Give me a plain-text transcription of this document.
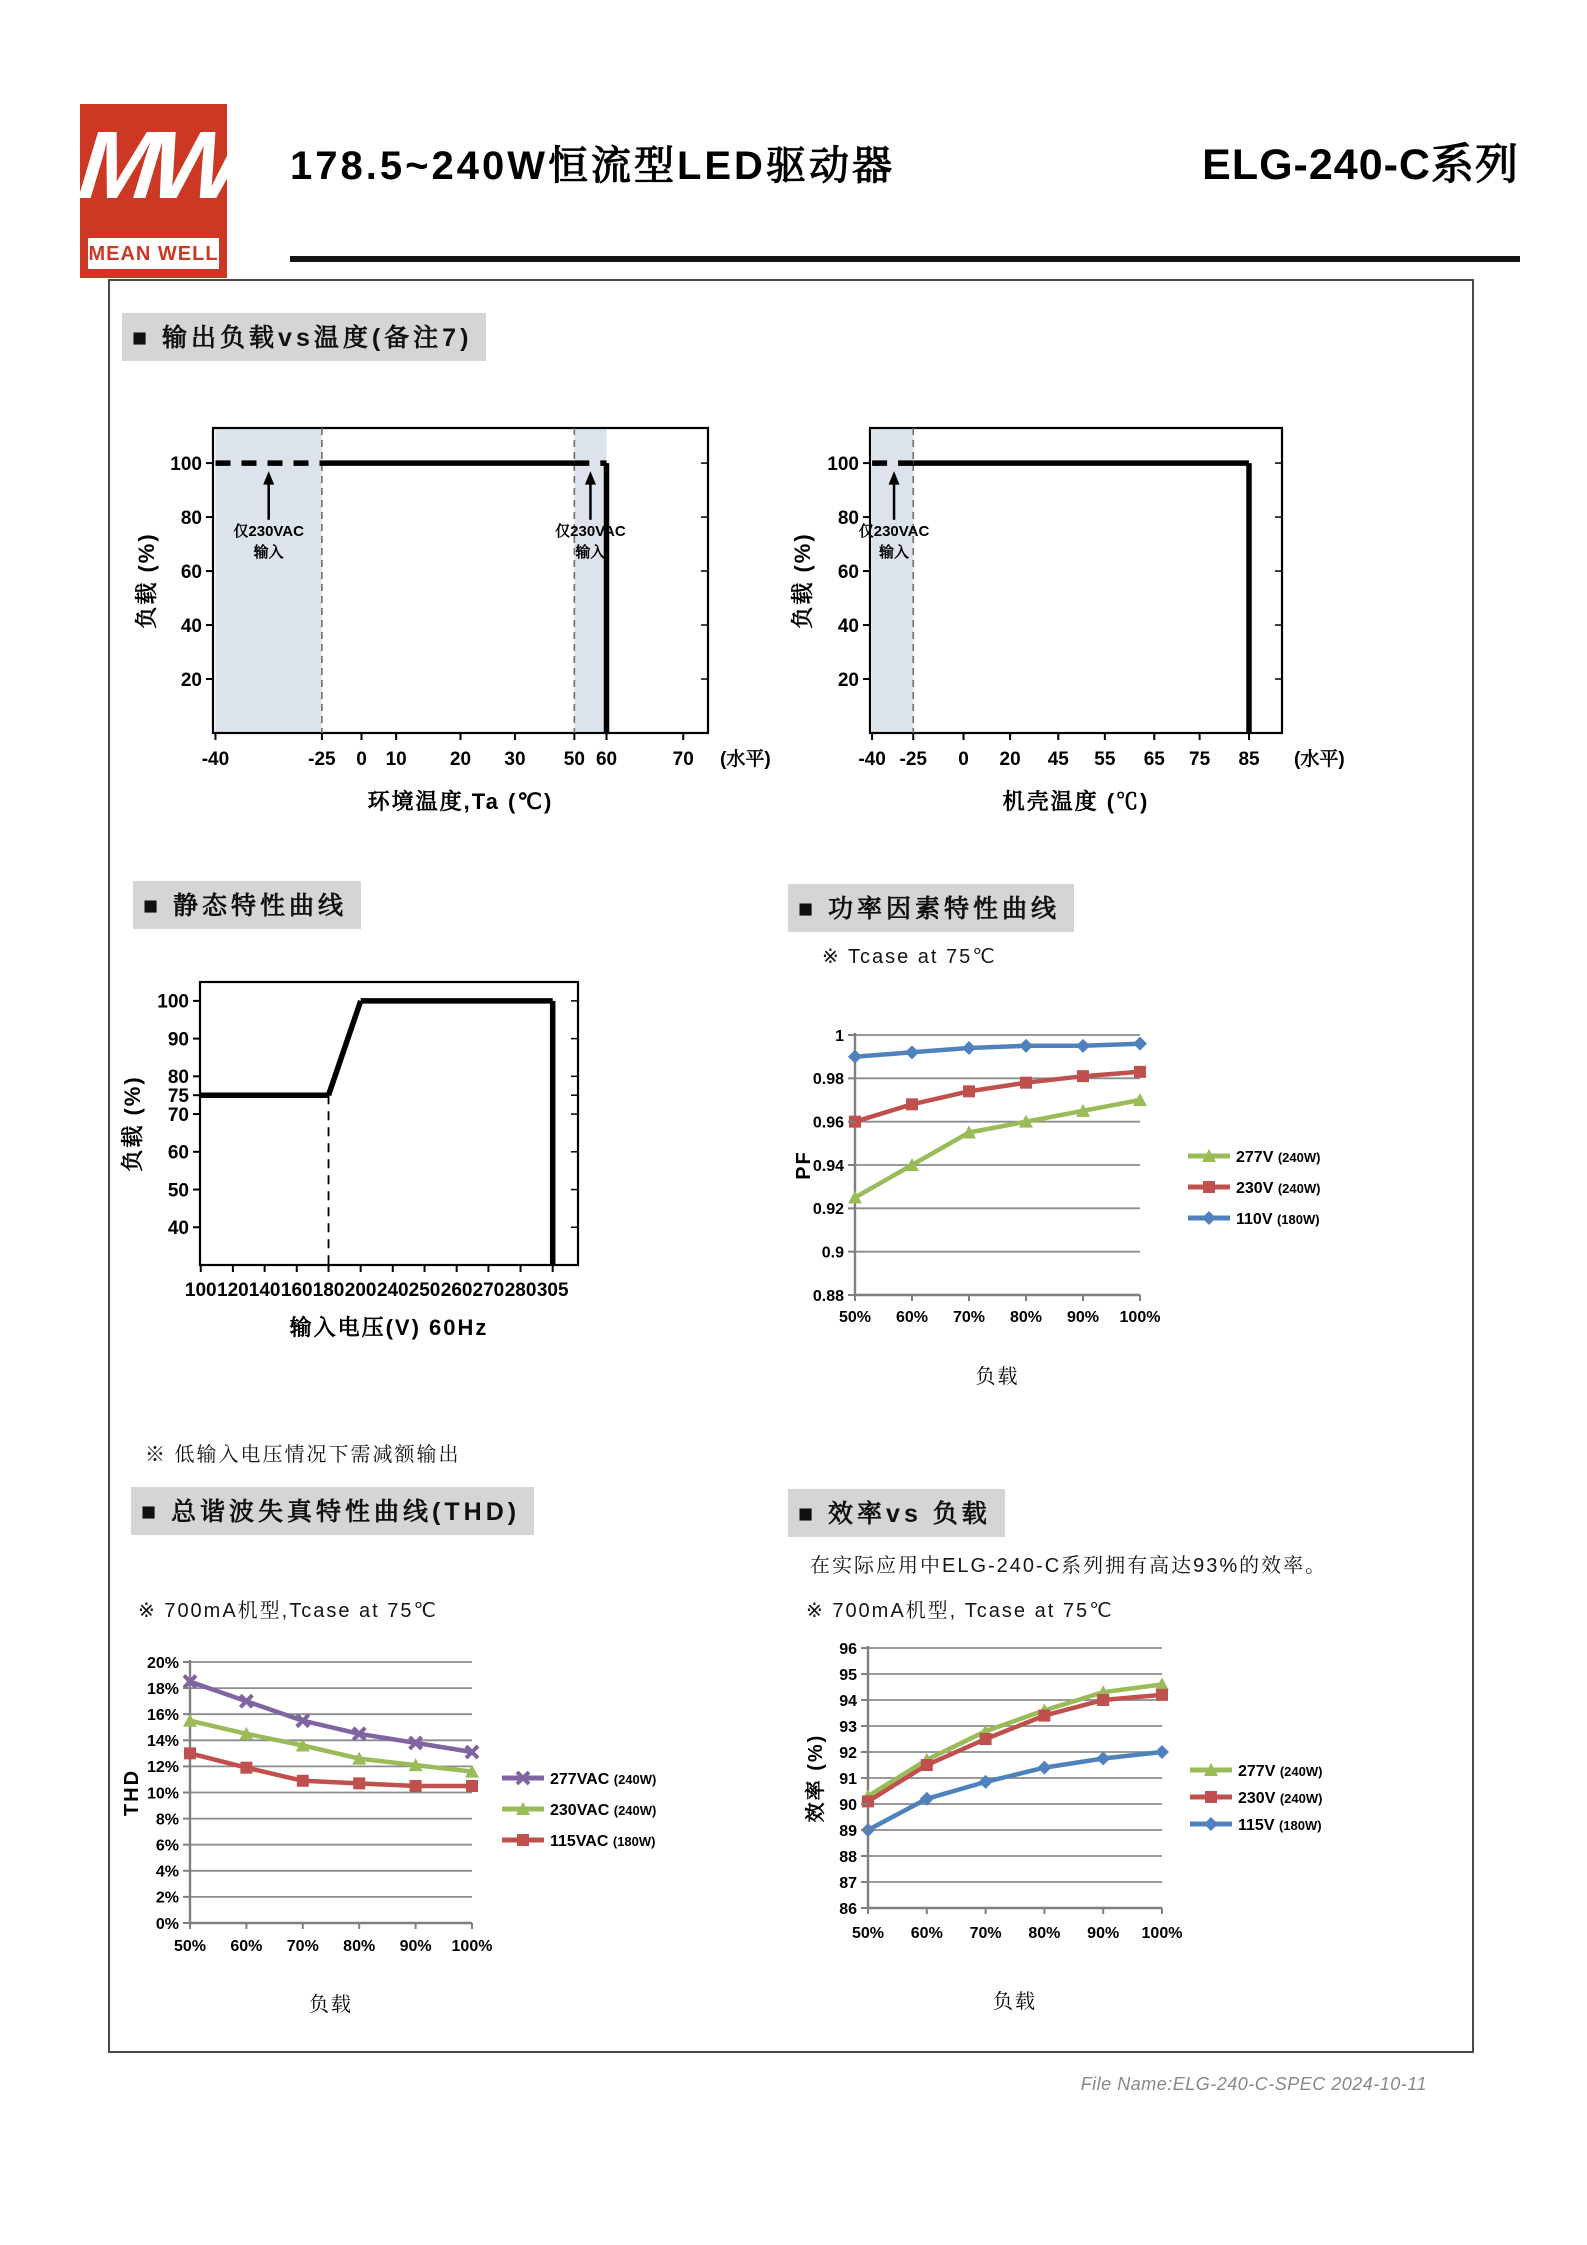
MW
MEAN WELL
178.5~240W恒流型LED驱动器	ELG-240-C系列
■ 输出负载vs温度(备注7)
■ 静态特性曲线	■ 功率因素特性曲线
■ 总谐波失真特性曲线(THD)	■ 效率vs 负载
※ Tcase at 75℃
※ 低输入电压情况下需减额输出
※ 700mA机型,Tcase at 75℃
在实际应用中ELG-240-C系列拥有高达93%的效率。
※ 700mA机型, Tcase at 75℃
20
40
60
80
100
-40	-25 0 10 20 30 50 60	70 (水平)
环境温度,Ta (℃)
负载 (%)
仅230VAC
输入
仅230VAC
输入
20
40
60
80
100
-40 -25 0 20 45 55 65 75 85 (水平)
机壳温度 (℃)
负载 (%)
仅230VAC
输入
40
50
60
70
75
80
90
100
100 120 140 160 180 200 240 250 260 270 280 305
输入电压(V) 60Hz
负载 (%)
0.88
0.9
0.92
0.94
0.96
0.98
1
50% 60% 70% 80% 90% 100%
负载
PF	277V (240W)
230V (240W)
110V (180W)
0%
2%
4%
6%
8%
10%
12%
14%
16%
18%
20%
50% 60% 70% 80% 90% 100%
负载
THD	277VAC (240W)
230VAC (240W)
115VAC (180W)
86
87
88
89
90
91
92
93
94
95
96
50% 60% 70% 80% 90% 100%
负载
效率 (%)	277V (240W)
230V (240W)
115V (180W)
File Name:ELG-240-C-SPEC 2024-10-11
